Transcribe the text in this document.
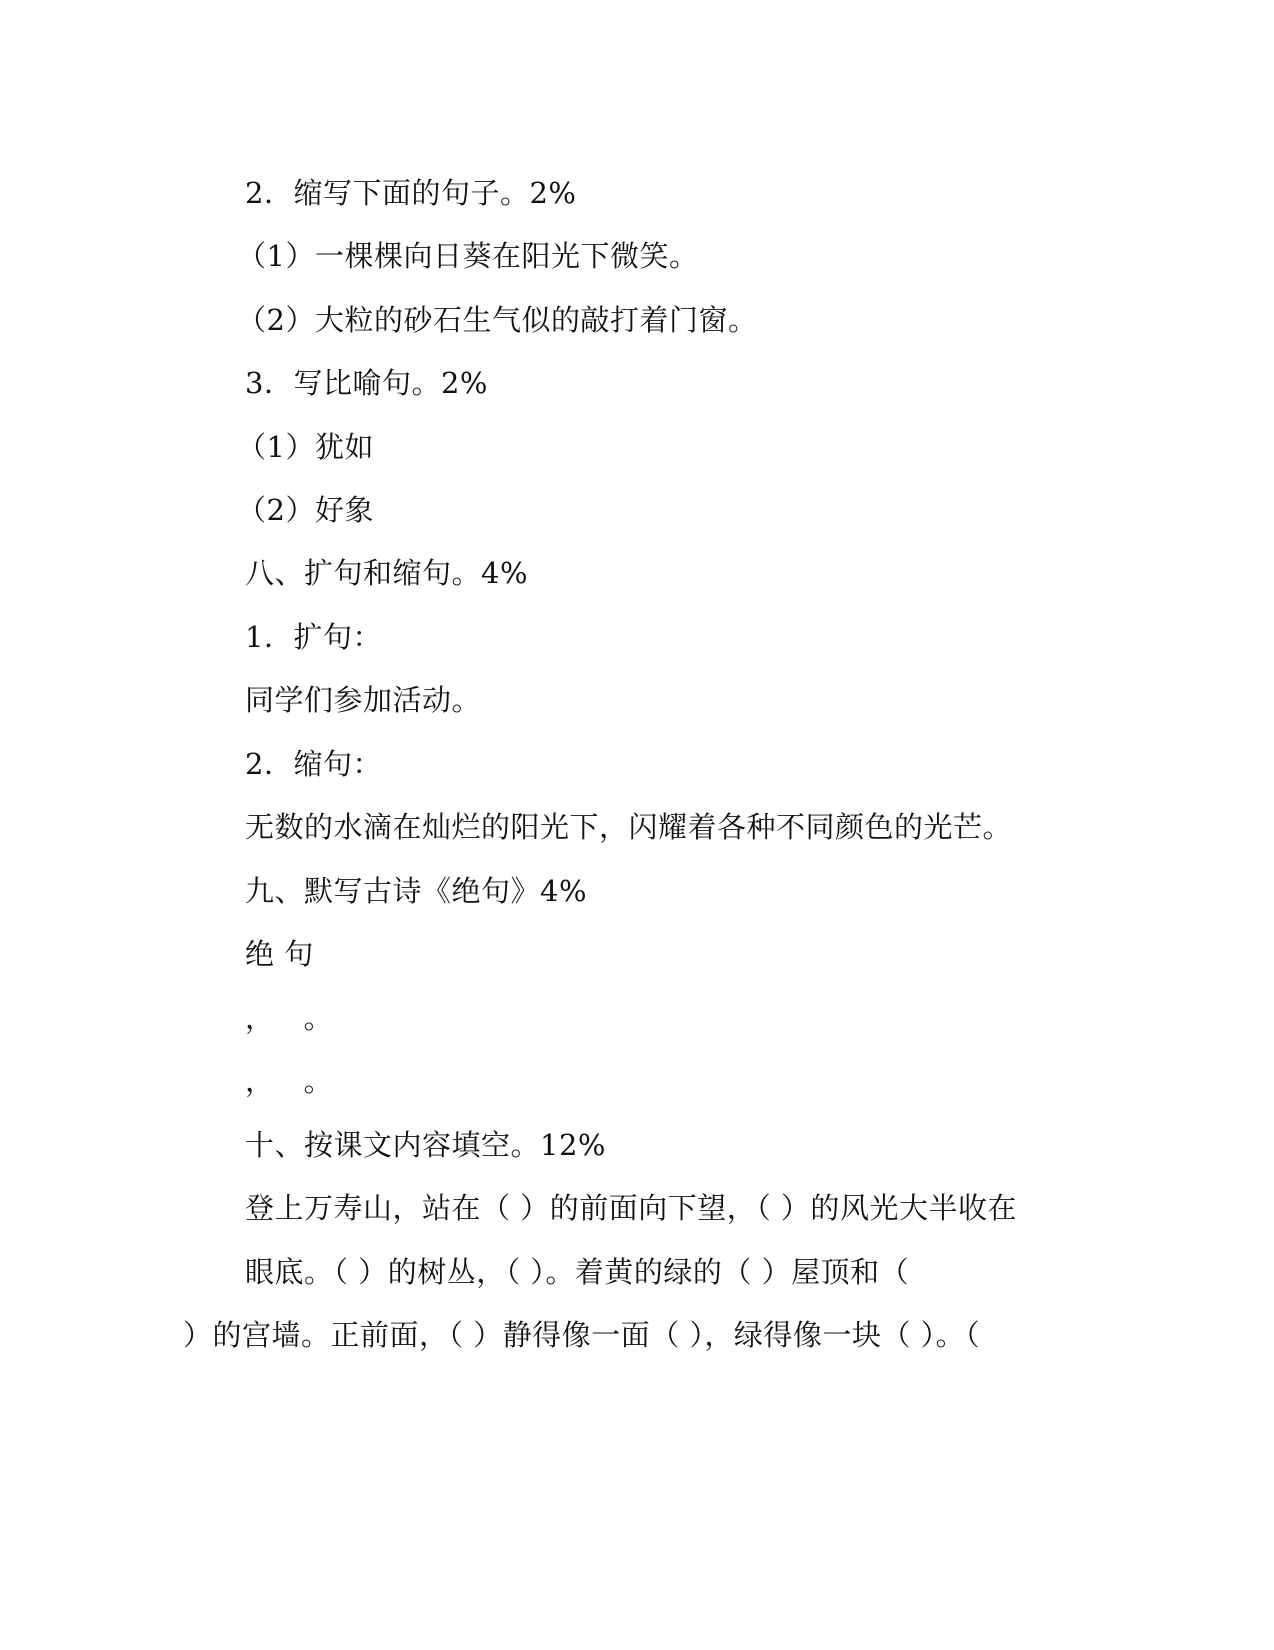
2．缩写下面的句子。2%
（1）一棵棵向日葵在阳光下微笑。
（2）大粒的砂石生气似的敲打着门窗。
3．写比喻句。2%
（1）犹如
（2）好象
八、扩句和缩句。4%
1．扩句：
同学们参加活动。
2．缩句：
无数的水滴在灿烂的阳光下，闪耀着各种不同颜色的光芒。
九、默写古诗《绝句》4%
绝 句
，   。
，   。
十、按课文内容填空。12%
登上万寿山，站在（ ）的前面向下望，（ ）的风光大半收在
眼底。（ ）的树丛，（ ）。着黄的绿的（ ）屋顶和（
）的宫墙。正前面，（ ）静得像一面（ ），绿得像一块（ ）。（
